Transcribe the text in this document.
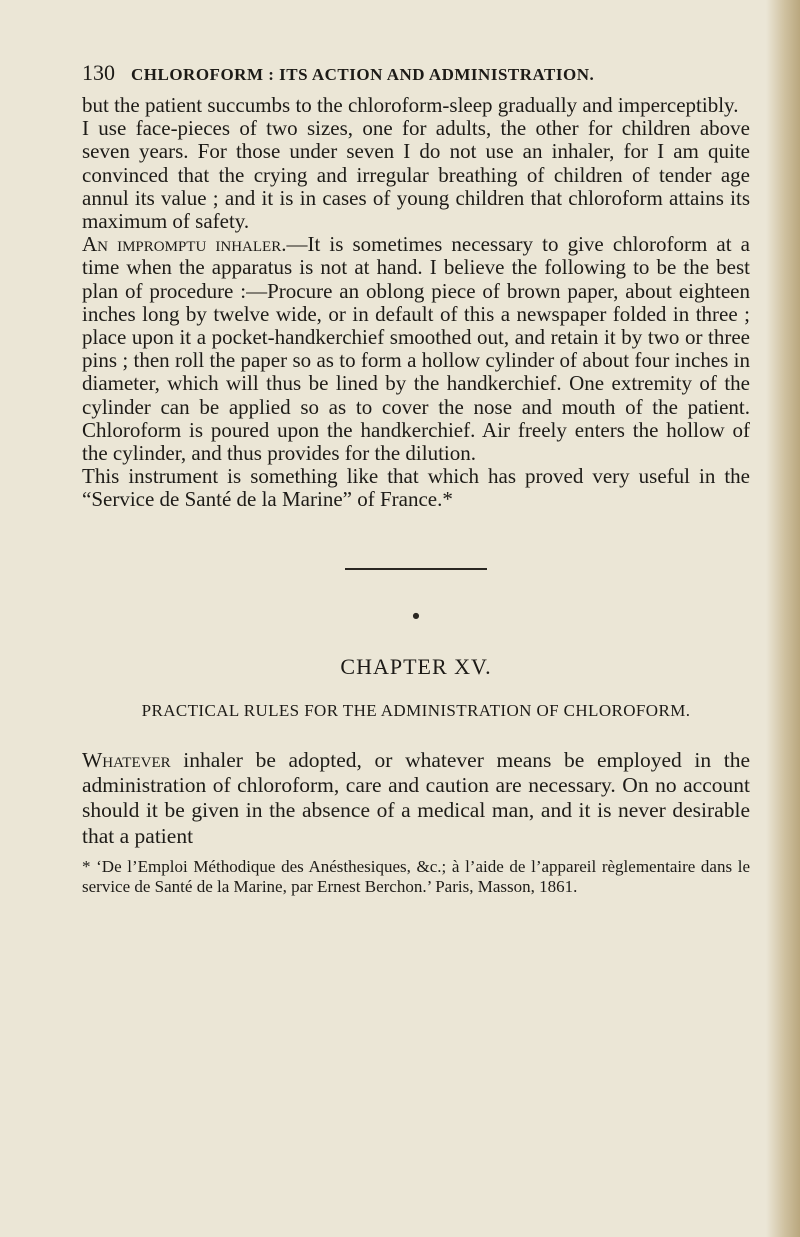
130 CHLOROFORM : ITS ACTION AND ADMINISTRATION.

but the patient succumbs to the chloroform-sleep gradually and imperceptibly.

I use face-pieces of two sizes, one for adults, the other for children above seven years. For those under seven I do not use an inhaler, for I am quite convinced that the crying and irregular breathing of children of tender age annul its value ; and it is in cases of young children that chloroform attains its maximum of safety.

An impromptu inhaler.—It is sometimes necessary to give chloroform at a time when the apparatus is not at hand. I believe the following to be the best plan of procedure :—Procure an oblong piece of brown paper, about eighteen inches long by twelve wide, or in default of this a newspaper folded in three ; place upon it a pocket-handkerchief smoothed out, and retain it by two or three pins ; then roll the paper so as to form a hollow cylinder of about four inches in diameter, which will thus be lined by the handkerchief. One extremity of the cylinder can be applied so as to cover the nose and mouth of the patient. Chloroform is poured upon the handkerchief. Air freely enters the hollow of the cylinder, and thus provides for the dilution.

This instrument is something like that which has proved very useful in the “Service de Santé de la Marine” of France.*

●
CHAPTER XV.
PRACTICAL RULES FOR THE ADMINISTRATION OF CHLOROFORM.

Whatever inhaler be adopted, or whatever means be employed in the administration of chloroform, care and caution are necessary. On no account should it be given in the absence of a medical man, and it is never desirable that a patient

* ‘De l’Emploi Méthodique des Anésthesiques, &c.; à l’aide de l’appareil règlementaire dans le service de Santé de la Marine, par Ernest Berchon.’ Paris, Masson, 1861.
